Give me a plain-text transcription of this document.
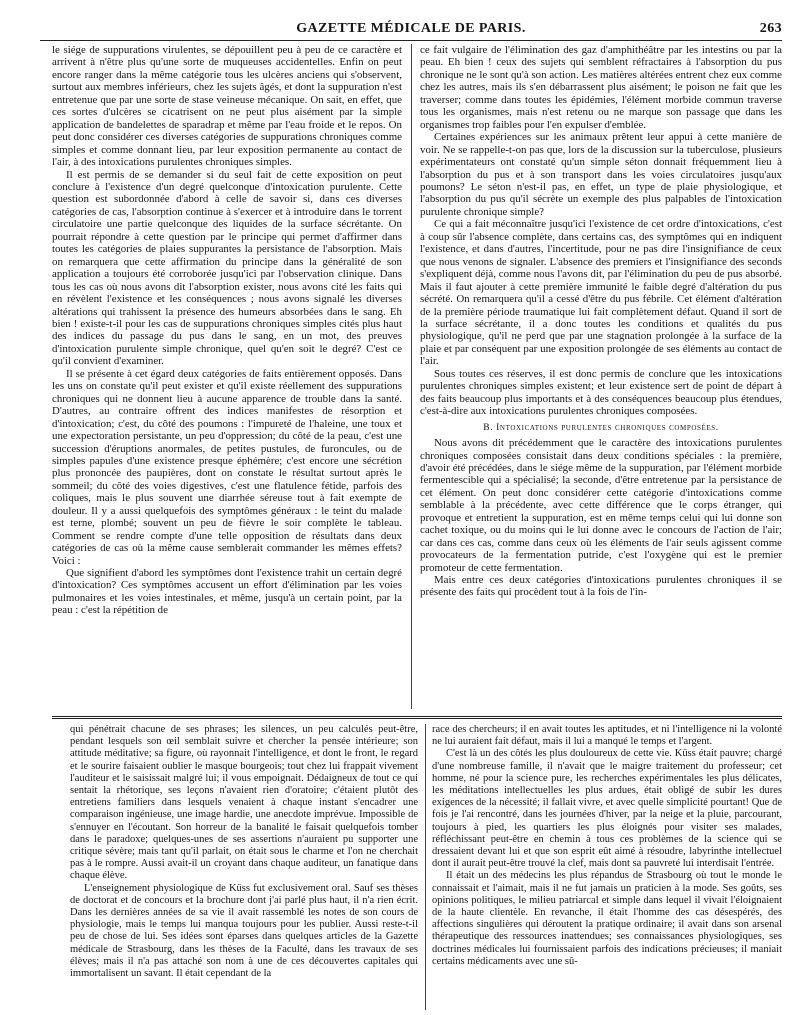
GAZETTE MÉDICALE DE PARIS.	263

le siége de suppurations virulentes, se dépouillent peu à peu de ce caractère et arrivent à n'être plus qu'une sorte de muqueuses accidentelles. Enfin on peut encore ranger dans la même catégorie tous les ulcères anciens qui s'observent, surtout aux membres inférieurs, chez les sujets âgés, et dont la suppuration n'est entretenue que par une sorte de stase veineuse mécanique. On sait, en effet, que ces sortes d'ulcères se cicatrisent on ne peut plus aisément par la simple application de bandelettes de sparadrap et même par l'eau froide et le repos. On peut donc considérer ces diverses catégories de suppurations chroniques comme simples et comme donnant lieu, par leur exposition permanente au contact de l'air, à des intoxications purulentes chroniques simples.

Il est permis de se demander si du seul fait de cette exposition on peut conclure à l'existence d'un degré quelconque d'intoxication purulente. Cette question est subordonnée d'abord à celle de savoir si, dans ces diverses catégories de cas, l'absorption continue à s'exercer et à introduire dans le torrent circulatoire une partie quelconque des liquides de la surface sécrétante. On pourrait répondre à cette question par le principe qui permet d'affirmer dans toutes les catégories de plaies suppurantes la persistance de l'absorption. Mais on remarquera que cette affirmation du principe dans la généralité de son application a toujours été corroborée jusqu'ici par l'observation clinique. Dans tous les cas où nous avons dit l'absorption exister, nous avons cité les faits qui en révèlent l'existence et les conséquences ; nous avons signalé les diverses altérations qui trahissent la présence des humeurs absorbées dans le sang. Eh bien ! existe-t-il pour les cas de suppurations chroniques simples cités plus haut des indices du passage du pus dans le sang, en un mot, des preuves d'intoxication purulente simple chronique, quel qu'en soit le degré? C'est ce qu'il convient d'examiner.

Il se présente à cet égard deux catégories de faits entièrement opposés. Dans les uns on constate qu'il peut exister et qu'il existe réellement des suppurations chroniques qui ne donnent lieu à aucune apparence de trouble dans la santé. D'autres, au contraire offrent des indices manifestes de résorption et d'intoxication; c'est, du côté des poumons : l'impureté de l'haleine, une toux et une expectoration persistante, un peu d'oppression; du côté de la peau, c'est une succession d'éruptions anormales, de petites pustules, de furoncules, ou de simples papules d'une existence presque éphémère; c'est encore une sécrétion plus prononcée des paupières, dont on constate le résultat surtout après le sommeil; du côté des voies digestives, c'est une flatulence fétide, parfois des coliques, mais le plus souvent une diarrhée séreuse tout à fait exempte de douleur. Il y a aussi quelquefois des symptômes généraux : le teint du malade est terne, plombé; souvent un peu de fièvre le soir complète le tableau. Comment se rendre compte d'une telle opposition de résultats dans deux catégories de cas où la même cause semblerait commander les mêmes effets? Voici :

Que signifient d'abord les symptômes dont l'existence trahit un certain degré d'intoxication? Ces symptômes accusent un effort d'élimination par les voies pulmonaires et les voies intestinales, et même, jusqu'à un certain point, par la peau : c'est la répétition de

ce fait vulgaire de l'élimination des gaz d'amphithéâtre par les intestins ou par la peau. Eh bien ! ceux des sujets qui semblent réfractaires à l'absorption du pus chronique ne le sont qu'à son action. Les matières altérées entrent chez eux comme chez les autres, mais ils s'en débarrassent plus aisément; le poison ne fait que les traverser; comme dans toutes les épidémies, l'élément morbide commun traverse tous les organismes, mais n'est retenu ou ne marque son passage que dans les organismes trop faibles pour l'en expulser d'emblée.

Certaines expériences sur les animaux prêtent leur appui à cette manière de voir. Ne se rappelle-t-on pas que, lors de la discussion sur la tuberculose, plusieurs expérimentateurs ont constaté qu'un simple séton donnait fréquemment lieu à l'absorption du pus et à son transport dans les voies circulatoires jusqu'aux poumons? Le séton n'est-il pas, en effet, un type de plaie physiologique, et l'absorption du pus qu'il sécrète un exemple des plus palpables de l'intoxication purulente chronique simple?

Ce qui a fait méconnaître jusqu'ici l'existence de cet ordre d'intoxications, c'est à coup sûr l'absence complète, dans certains cas, des symptômes qui en indiquent l'existence, et dans d'autres, l'incertitude, pour ne pas dire l'insignifiance de ceux que nous venons de signaler. L'absence des premiers et l'insignifiance des seconds s'expliquent déjà, comme nous l'avons dit, par l'élimination du peu de pus absorbé. Mais il faut ajouter à cette première immunité le faible degré d'altération du pus sécrété. On remarquera qu'il a cessé d'être du pus fébrile. Cet élément d'altération de la première période traumatique lui fait complètement défaut. Quand il sort de la surface sécrétante, il a donc toutes les conditions et qualités du pus physiologique, qu'il ne perd que par une stagnation prolongée à la surface de la plaie et par conséquent par une exposition prolongée de ses éléments au contact de l'air.

Sous toutes ces réserves, il est donc permis de conclure que les intoxications purulentes chroniques simples existent; et leur existence sert de point de départ à des faits beaucoup plus importants et à des conséquences beaucoup plus étendues, c'est-à-dire aux intoxications purulentes chroniques composées.

B. Intoxications purulentes chroniques composées.

Nous avons dit précédemment que le caractère des intoxications purulentes chroniques composées consistait dans deux conditions spéciales : la première, d'avoir été précédées, dans le siége même de la suppuration, par l'élément morbide fermentescible qui a spécialisé; la seconde, d'être entretenue par la persistance de cet élément. On peut donc considérer cette catégorie d'intoxications comme semblable à la précédente, avec cette différence que le corps étranger, qui provoque et entretient la suppuration, est en même temps celui qui lui donne son cachet toxique, ou du moins qui le lui donne avec le concours de l'action de l'air; car dans ces cas, comme dans ceux où les éléments de l'air seuls agissent comme provocateurs de la fermentation putride, c'est l'oxygène qui est le premier promoteur de cette fermentation.

Mais entre ces deux catégories d'intoxications purulentes chroniques il se présente des faits qui procèdent tout à la fois de l'in-

qui pénétrait chacune de ses phrases; les silences, un peu calculés peut-être, pendant lesquels son œil semblait suivre et chercher la pensée intérieure; son attitude méditative; sa figure, où rayonnait l'intelligence, et dont le front, le regard et le sourire faisaient oublier le masque bourgeois; tout chez lui frappait vivement l'auditeur et le saisissait malgré lui; il vous empoignait. Dédaigneux de tout ce qui sentait la rhétorique, ses leçons n'avaient rien d'oratoire; c'étaient plutôt des entretiens familiers dans lesquels venaient à chaque instant s'encadrer une comparaison ingénieuse, une image hardie, une anecdote imprévue. Impossible de s'ennuyer en l'écoutant. Son horreur de la banalité le faisait quelquefois tomber dans le paradoxe; quelques-unes de ses assertions n'auraient pu supporter une critique sévère; mais tant qu'il parlait, on était sous le charme et l'on ne cherchait pas à le rompre. Aussi avait-il un croyant dans chaque auditeur, un fanatique dans chaque élève.

L'enseignement physiologique de Küss fut exclusivement oral. Sauf ses thèses de doctorat et de concours et la brochure dont j'ai parlé plus haut, il n'a rien écrit. Dans les dernières années de sa vie il avait rassemblé les notes de son cours de physiologie, mais le temps lui manqua toujours pour les publier. Aussi reste-t-il peu de chose de lui. Ses idées sont éparses dans quelques articles de la Gazette médicale de Strasbourg, dans les thèses de la Faculté, dans les travaux de ses élèves; mais il n'a pas attaché son nom à une de ces découvertes capitales qui immortalisent un savant. Il était cependant de la

race des chercheurs; il en avait toutes les aptitudes, et ni l'intelligence ni la volonté ne lui auraient fait défaut, mais il lui a manqué le temps et l'argent.

C'est là un des côtés les plus douloureux de cette vie. Küss était pauvre; chargé d'une nombreuse famille, il n'avait que le maigre traitement du professeur; cet homme, né pour la science pure, les recherches expérimentales les plus délicates, les méditations intellectuelles les plus ardues, était obligé de subir les dures exigences de la nécessité; il fallait vivre, et avec quelle simplicité pourtant! Que de fois je l'ai rencontré, dans les journées d'hiver, par la neige et la pluie, parcourant, toujours à pied, les quartiers les plus éloignés pour visiter ses malades, réfléchissant peut-être en chemin à tous ces problèmes de la science qui se dressaient devant lui et que son esprit eût aimé à résoudre, labyrinthe intellectuel dont il aurait peut-être trouvé la clef, mais dont sa pauvreté lui interdisait l'entrée.

Il était un des médecins les plus répandus de Strasbourg où tout le monde le connaissait et l'aimait, mais il ne fut jamais un praticien à la mode. Ses goûts, ses opinions politiques, le milieu patriarcal et simple dans lequel il vivait l'éloignaient de la haute clientèle. En revanche, il était l'homme des cas désespérés, des affections singulières qui déroutent la pratique ordinaire; il avait dans son arsenal thérapeutique des ressources inattendues; ses connaissances physiologiques, ses doctrines médicales lui fournissaient parfois des indications précieuses; il maniait certains médicaments avec une sû-
